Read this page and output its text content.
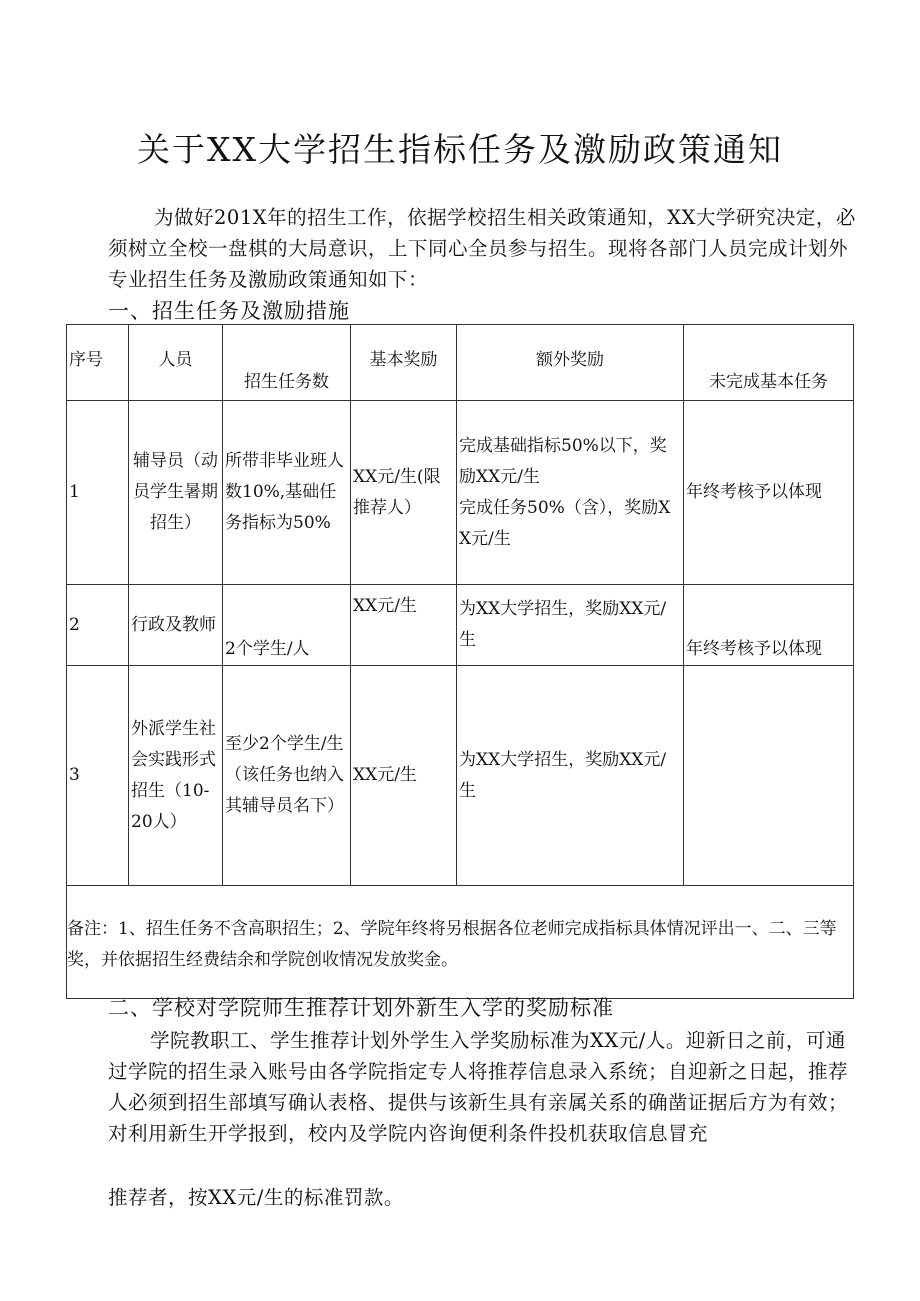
关于XX大学招生指标任务及激励政策通知
为做好201X年的招生工作，依据学校招生相关政策通知，XX大学研究决定，必须树立全校一盘棋的大局意识，上下同心全员参与招生。现将各部门人员完成计划外专业招生任务及激励政策通知如下：
一、招生任务及激励措施
序号	人员	招生任务数	基本奖励	额外奖励	未完成基本任务

1	辅导员（动员学生暑期招生）	所带非毕业班人数10%,基础任务指标为50%	XX元/生(限推荐人）	完成基础指标50%以下，奖励XX元/生
完成任务50%（含），奖励XX元/生	年终考核予以体现

2	行政及教师	2个学生/人	XX元/生	为XX大学招生，奖励XX元/生	年终考核予以体现

3	外派学生社会实践形式招生（10-20人）	至少2个学生/生（该任务也纳入其辅导员名下）	XX元/生	为XX大学招生，奖励XX元/生	

备注：1、招生任务不含高职招生；2、学院年终将另根据各位老师完成指标具体情况评出一、二、三等奖，并依据招生经费结余和学院创收情况发放奖金。					
二、学校对学院师生推荐计划外新生入学的奖励标准
学院教职工、学生推荐计划外学生入学奖励标准为XX元/人。迎新日之前，可通过学院的招生录入账号由各学院指定专人将推荐信息录入系统；自迎新之日起，推荐人必须到招生部填写确认表格、提供与该新生具有亲属关系的确凿证据后方为有效；对利用新生开学报到，校内及学院内咨询便利条件投机获取信息冒充
推荐者，按XX元/生的标准罚款。
